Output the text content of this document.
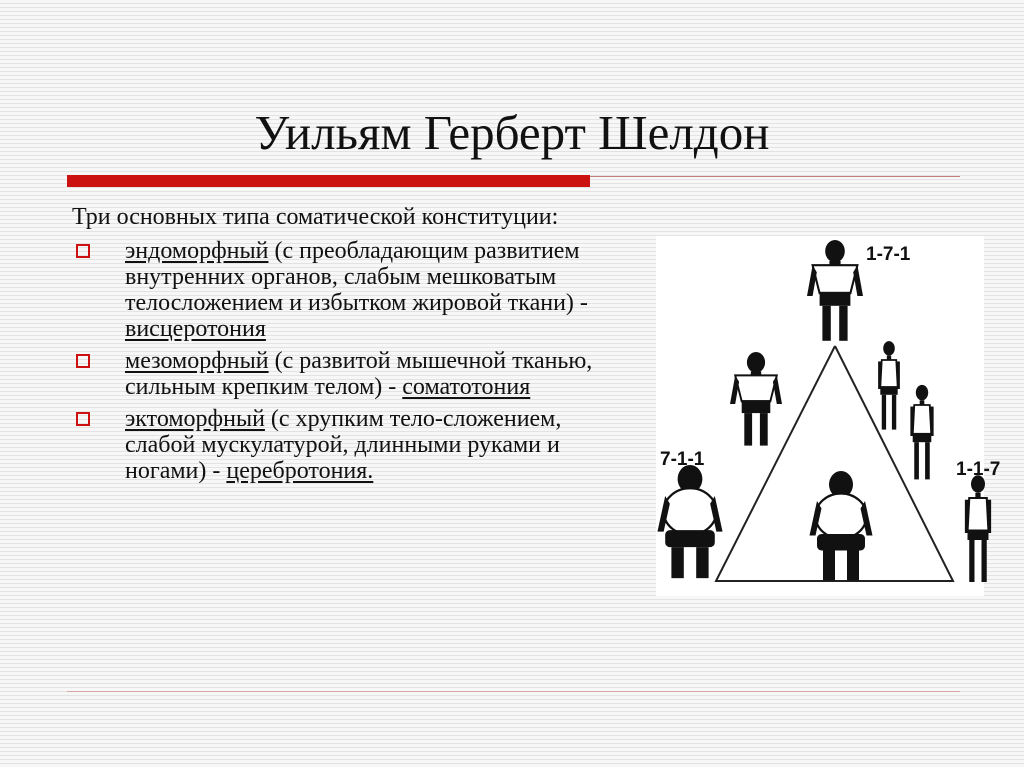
Уильям Герберт Шелдон

Три основных типа соматической конституции:

эндоморфный (с преобладающим развитием внутренних органов, слабым мешковатым телосложением и избытком жировой ткани) - висцеротония
мезоморфный (с развитой мышечной тканью, сильным крепким телом) - соматотония
эктоморфный (с хрупким тело-сложением, слабой мускулатурой, длинными руками и ногами) - церебротония.
1-7-1
7-1-1	1-1-7
